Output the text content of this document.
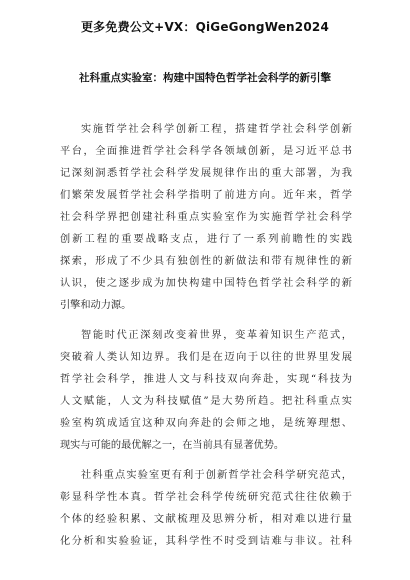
更多免费公文+VX：QiGeGongWen2024
社科重点实验室：构建中国特色哲学社会科学的新引擎
实施哲学社会科学创新工程，搭建哲学社会科学创新
平台，全面推进哲学社会科学各领域创新，是习近平总书
记深刻洞悉哲学社会科学发展规律作出的重大部署，为我
们繁荣发展哲学社会科学指明了前进方向。近年来，哲学
社会科学界把创建社科重点实验室作为实施哲学社会科学
创新工程的重要战略支点，进行了一系列前瞻性的实践
探索，形成了不少具有独创性的新做法和带有规律性的新
认识，使之逐步成为加快构建中国特色哲学社会科学的新
引擎和动力源。
智能时代正深刻改变着世界，变革着知识生产范式，
突破着人类认知边界。我们是在迈向于以往的世界里发展
哲学社会科学，推进人文与科技双向奔赴，实现“科技为
人文赋能，人文为科技赋值”是大势所趋。把社科重点实
验室构筑成适宜这种双向奔赴的会师之地，是统筹理想、
现实与可能的最优解之一，在当前具有显著优势。
社科重点实验室更有利于创新哲学社会科学研究范式，
彰显科学性本真。哲学社会科学传统研究范式往往依赖于
个体的经验积累、文献梳理及思辨分析，相对难以进行量
化分析和实验验证，其科学性不时受到诘难与非议。社科
